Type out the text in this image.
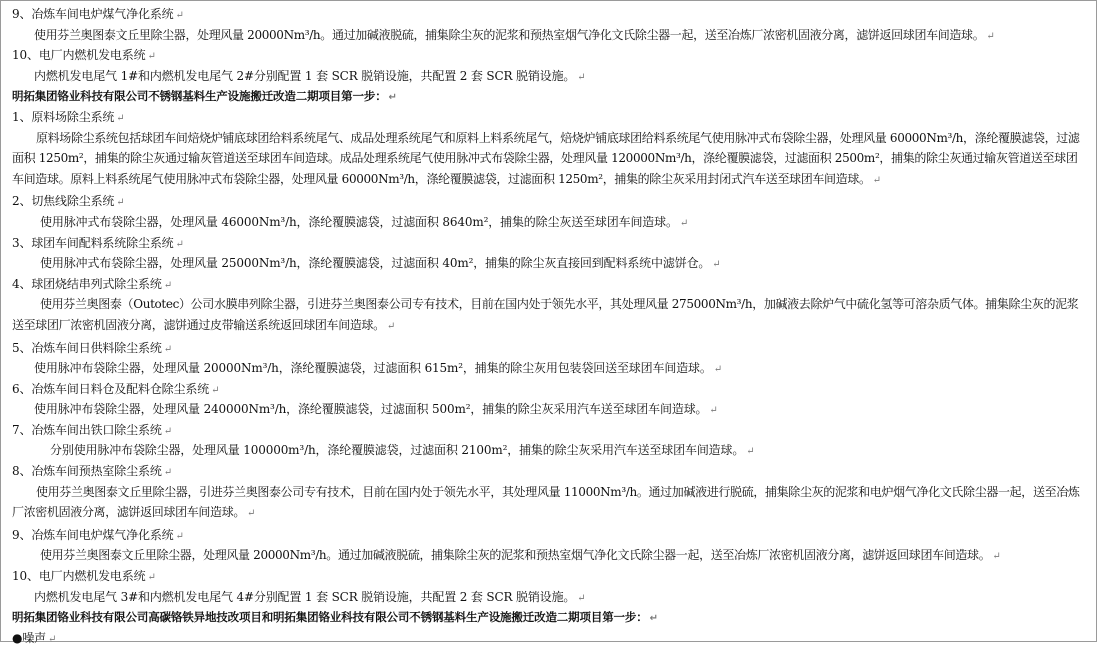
9、冶炼车间电炉煤气净化系统 ↵
使用芬兰奥图泰文丘里除尘器，处理风量 20000Nm³/h。通过加碱液脱硫，捕集除尘灰的泥浆和预热室烟气净化文氏除尘器一起，送至冶炼厂浓密机固液分离，滤饼返回球团车间造球。 ↵
10、电厂内燃机发电系统 ↵
内燃机发电尾气 1#和内燃机发电尾气 2#分别配置 1 套 SCR 脱销设施，共配置 2 套 SCR 脱销设施。 ↵
明拓集团铬业科技有限公司不锈钢基料生产设施搬迁改造二期项目第一步： ↵
1、原料场除尘系统 ↵
原料场除尘系统包括球团车间焙烧炉铺底球团给料系统尾气、成品处理系统尾气和原料上料系统尾气，焙烧炉铺底球团给料系统尾气使用脉冲式布袋除尘器，处理风量 60000Nm³/h，涤纶覆膜滤袋，过滤面积 1250m²，捕集的除尘灰通过输灰管道送至球团车间造球。成品处理系统尾气使用脉冲式布袋除尘器，处理风量 120000Nm³/h，涤纶覆膜滤袋，过滤面积 2500m²，捕集的除尘灰通过输灰管道送至球团车间造球。原料上料系统尾气使用脉冲式布袋除尘器，处理风量 60000Nm³/h，涤纶覆膜滤袋，过滤面积 1250m²，捕集的除尘灰采用封闭式汽车送至球团车间造球。 ↵
2、切焦线除尘系统 ↵
使用脉冲式布袋除尘器，处理风量 46000Nm³/h，涤纶覆膜滤袋，过滤面积 8640m²，捕集的除尘灰送至球团车间造球。 ↵
3、球团车间配料系统除尘系统 ↵
使用脉冲式布袋除尘器，处理风量 25000Nm³/h，涤纶覆膜滤袋，过滤面积 40m²，捕集的除尘灰直接回到配料系统中滤饼仓。 ↵
4、球团烧结串列式除尘系统 ↵
使用芬兰奥图泰（Outotec）公司水膜串列除尘器，引进芬兰奥图泰公司专有技术，目前在国内处于领先水平，其处理风量 275000Nm³/h，加碱液去除炉气中硫化氢等可溶杂质气体。捕集除尘灰的泥浆送至球团厂浓密机固液分离，滤饼通过皮带输送系统返回球团车间造球。 ↵
5、冶炼车间日供料除尘系统 ↵
使用脉冲布袋除尘器，处理风量 20000Nm³/h，涤纶覆膜滤袋，过滤面积 615m²，捕集的除尘灰用包装袋回送至球团车间造球。 ↵
6、冶炼车间日料仓及配料仓除尘系统 ↵
使用脉冲布袋除尘器，处理风量 240000Nm³/h，涤纶覆膜滤袋，过滤面积 500m²，捕集的除尘灰采用汽车送至球团车间造球。 ↵
7、冶炼车间出铁口除尘系统 ↵
分别使用脉冲布袋除尘器，处理风量 100000m³/h，涤纶覆膜滤袋，过滤面积 2100m²，捕集的除尘灰采用汽车送至球团车间造球。 ↵
8、冶炼车间预热室除尘系统 ↵
使用芬兰奥图泰文丘里除尘器，引进芬兰奥图泰公司专有技术，目前在国内处于领先水平，其处理风量 11000Nm³/h。通过加碱液进行脱硫，捕集除尘灰的泥浆和电炉烟气净化文氏除尘器一起，送至冶炼厂浓密机固液分离，滤饼返回球团车间造球。 ↵
9、冶炼车间电炉煤气净化系统 ↵
使用芬兰奥图泰文丘里除尘器，处理风量 20000Nm³/h。通过加碱液脱硫，捕集除尘灰的泥浆和预热室烟气净化文氏除尘器一起，送至冶炼厂浓密机固液分离，滤饼返回球团车间造球。 ↵
10、电厂内燃机发电系统 ↵
内燃机发电尾气 3#和内燃机发电尾气 4#分别配置 1 套 SCR 脱销设施，共配置 2 套 SCR 脱销设施。 ↵
明拓集团铬业科技有限公司高碳铬铁异地技改项目和明拓集团铬业科技有限公司不锈钢基料生产设施搬迁改造二期项目第一步： ↵
●噪声 ↵
